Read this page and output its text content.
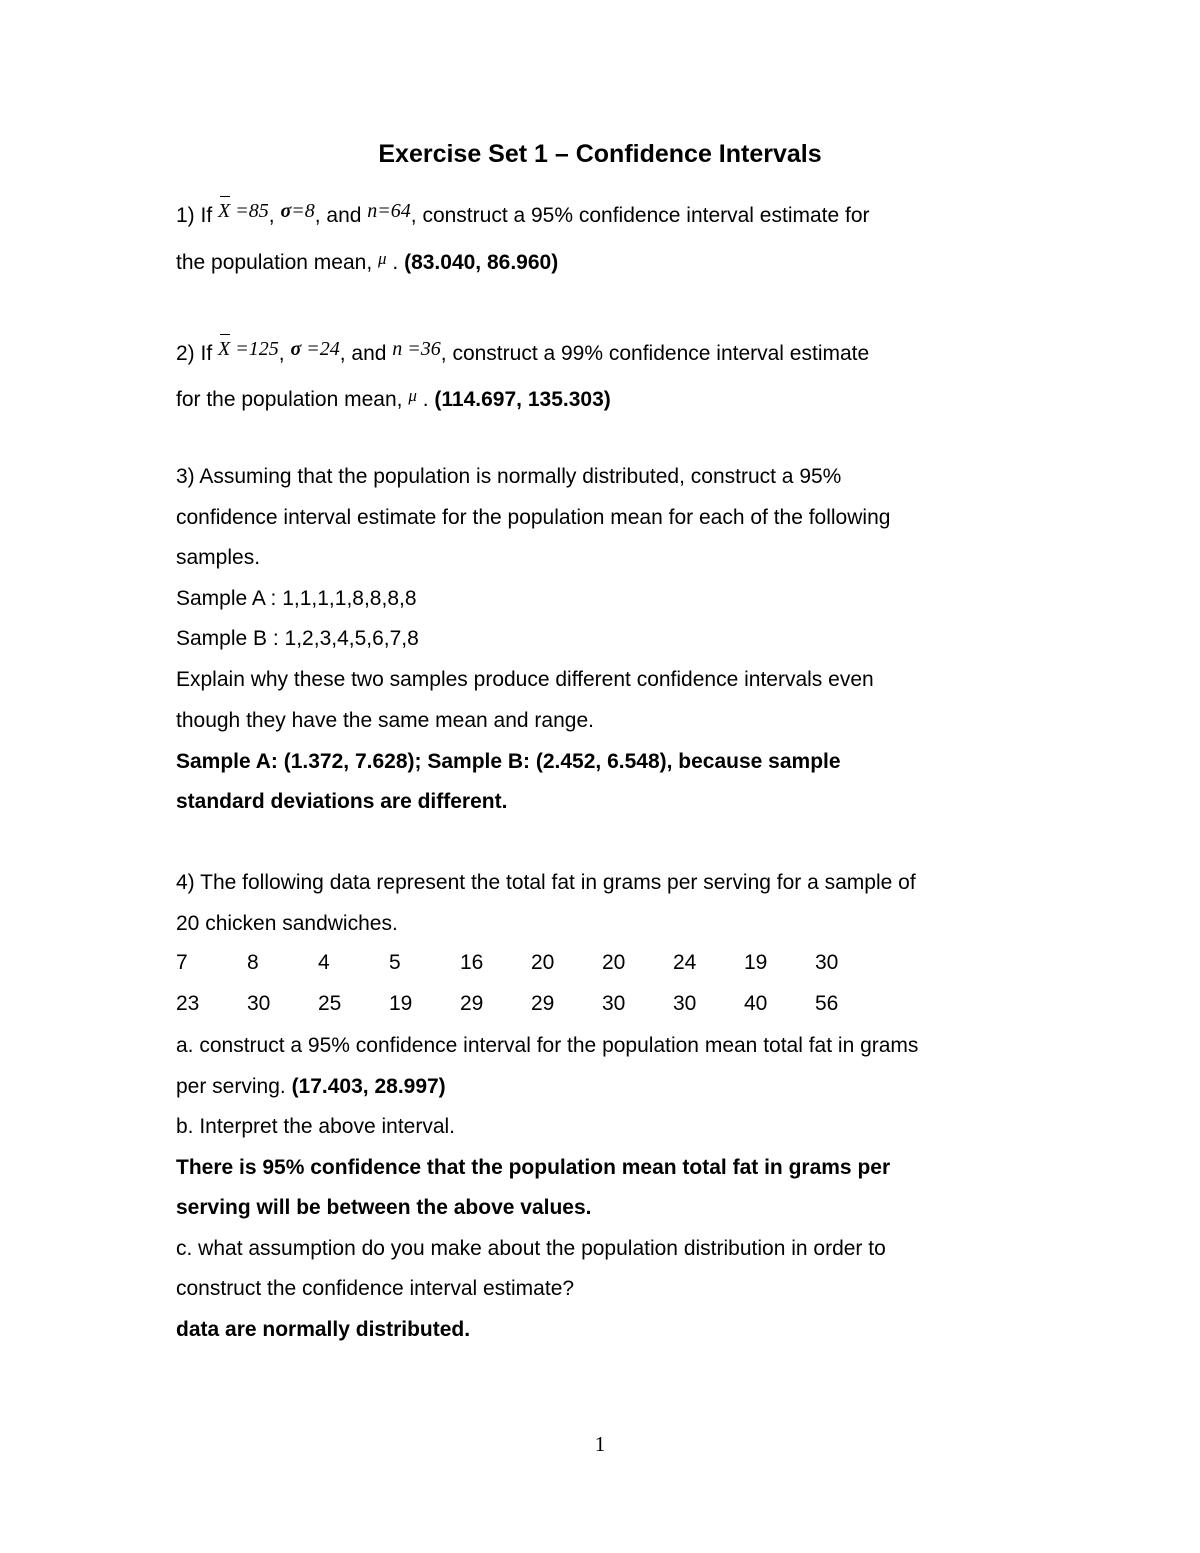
Exercise Set 1 – Confidence Intervals
1) If X =85, σ=8, and n=64, construct a 95% confidence interval estimate for
the population mean, $^\mu$ . (83.040, 86.960)
2) If X =125, σ =24, and n =36, construct a 99% confidence interval estimate
for the population mean, $^\mu$ . (114.697, 135.303)
3) Assuming that the population is normally distributed, construct a 95%
confidence interval estimate for the population mean for each of the following
samples.
Sample A : 1,1,1,1,8,8,8,8
Sample B : 1,2,3,4,5,6,7,8
Explain why these two samples produce different confidence intervals even
though they have the same mean and range.
Sample A: (1.372, 7.628); Sample B: (2.452, 6.548), because sample
standard deviations are different.
4) The following data represent the total fat in grams per serving for a sample of
20 chicken sandwiches.
7	8	4	5	16 20 20 24 19 30
23 30 25 19 29 29 30 30 40 56
a. construct a 95% confidence interval for the population mean total fat in grams
per serving. (17.403, 28.997)
b. Interpret the above interval.
There is 95% confidence that the population mean total fat in grams per
serving will be between the above values.
c. what assumption do you make about the population distribution in order to
construct the confidence interval estimate?
data are normally distributed.
1
